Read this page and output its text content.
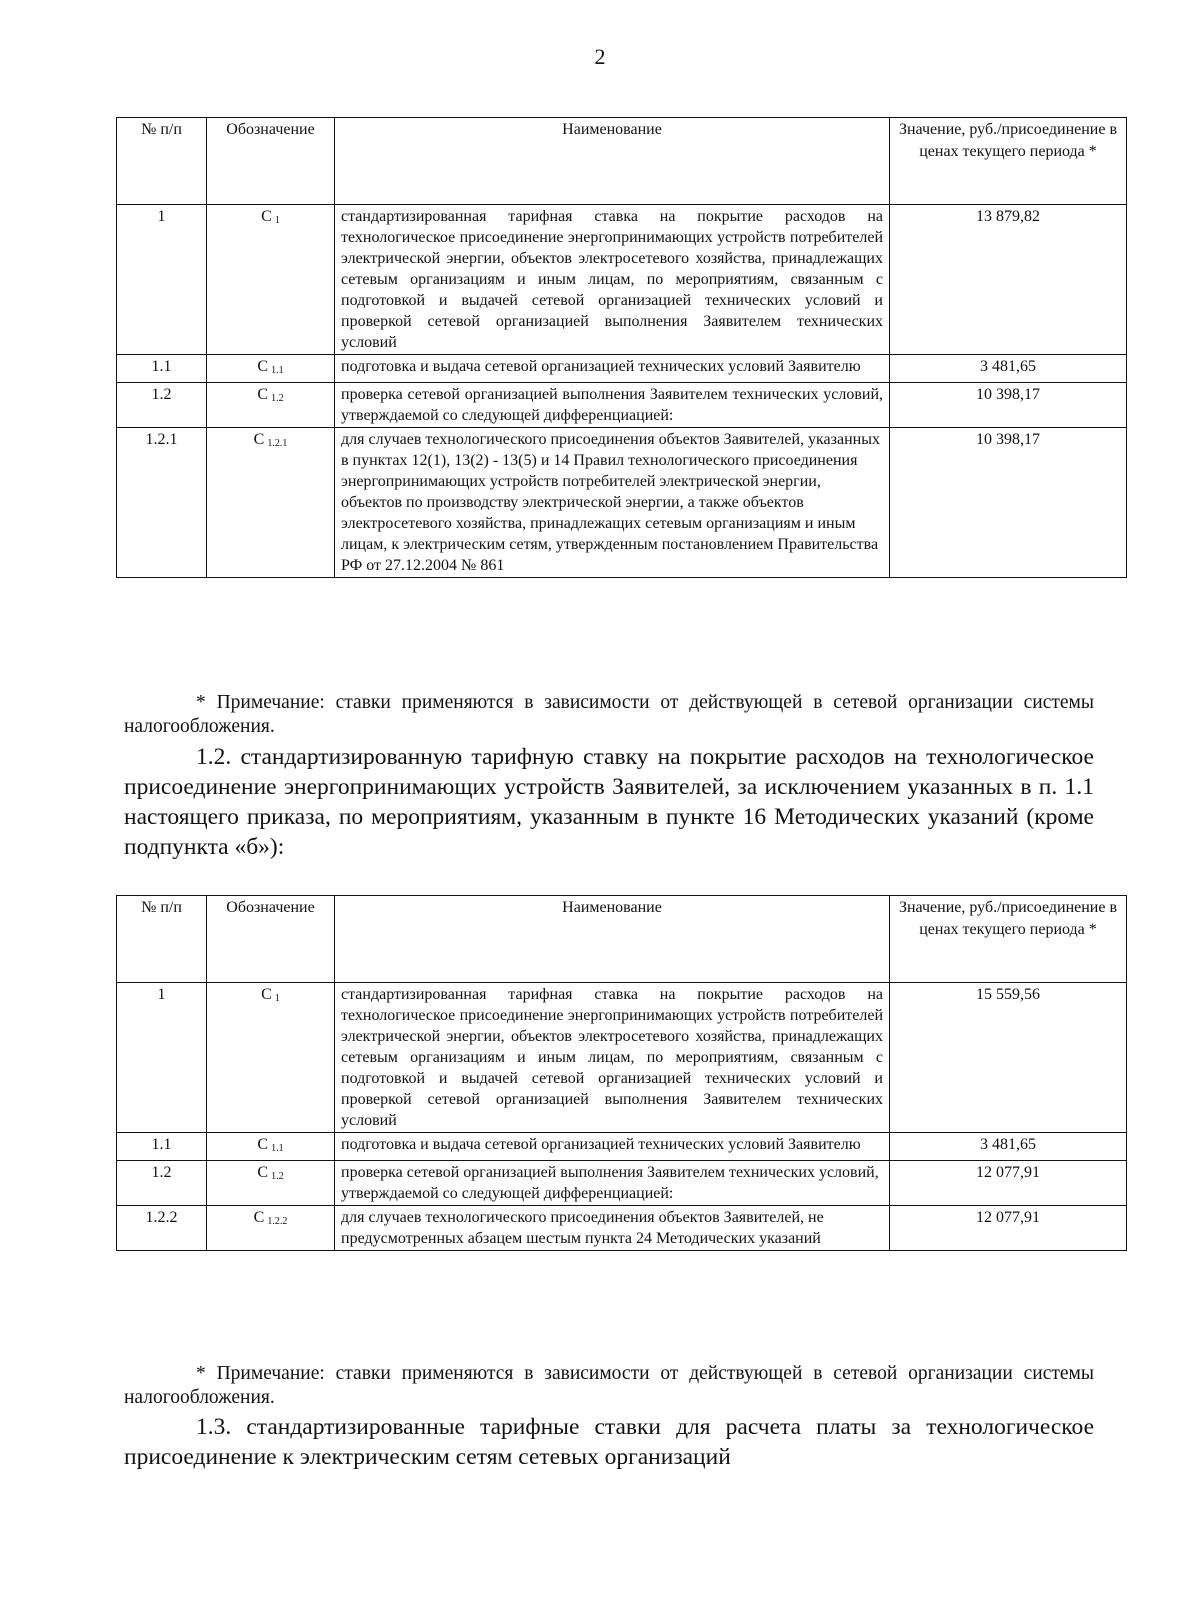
2
№ п/п	Обозначение	Наименование	Значение, руб./присоединение в ценах текущего периода *
1	C $_1$	стандартизированная тарифная ставка на покрытие расходов на технологическое присоединение энергопринимающих устройств потребителей электрической энергии, объектов электросетевого хозяйства, принадлежащих сетевым организациям и иным лицам, по мероприятиям, связанным с подготовкой и выдачей сетевой организацией технических условий и проверкой сетевой организацией выполнения Заявителем технических условий	13 879,82
1.1	C $_{1.1}$	подготовка и выдача сетевой организацией технических условий Заявителю	3 481,65
1.2	C $_{1.2}$	проверка сетевой организацией выполнения Заявителем технических условий, утверждаемой со следующей дифференциацией:	10 398,17
1.2.1	C $_{1.2.1}$	для случаев технологического присоединения объектов Заявителей, указанных в пунктах 12(1), 13(2) - 13(5) и 14 Правил технологического присоединения энергопринимающих устройств потребителей электрической энергии, объектов по производству электрической энергии, а также объектов электросетевого хозяйства, принадлежащих сетевым организациям и иным лицам, к электрическим сетям, утвержденным постановлением Правительства РФ от 27.12.2004 № 861	10 398,17
* Примечание: ставки применяются в зависимости от действующей в сетевой организации системы налогообложения.
1.2. стандартизированную тарифную ставку на покрытие расходов на технологическое присоединение энергопринимающих устройств Заявителей, за исключением указанных в п. 1.1 настоящего приказа, по мероприятиям, указанным в пункте 16 Методических указаний (кроме подпункта «б»):
№ п/п	Обозначение	Наименование	Значение, руб./присоединение в ценах текущего периода *
1	C $_1$	стандартизированная тарифная ставка на покрытие расходов на технологическое присоединение энергопринимающих устройств потребителей электрической энергии, объектов электросетевого хозяйства, принадлежащих сетевым организациям и иным лицам, по мероприятиям, связанным с подготовкой и выдачей сетевой организацией технических условий и проверкой сетевой организацией выполнения Заявителем технических условий	15 559,56
1.1	C $_{1.1}$	подготовка и выдача сетевой организацией технических условий Заявителю	3 481,65
1.2	C $_{1.2}$	проверка сетевой организацией выполнения Заявителем технических условий, утверждаемой со следующей дифференциацией:	12 077,91
1.2.2	C $_{1.2.2}$	для случаев технологического присоединения объектов Заявителей, не предусмотренных абзацем шестым пункта 24 Методических указаний	12 077,91
* Примечание: ставки применяются в зависимости от действующей в сетевой организации системы налогообложения.
1.3. стандартизированные тарифные ставки для расчета платы за технологическое присоединение к электрическим сетям сетевых организаций
